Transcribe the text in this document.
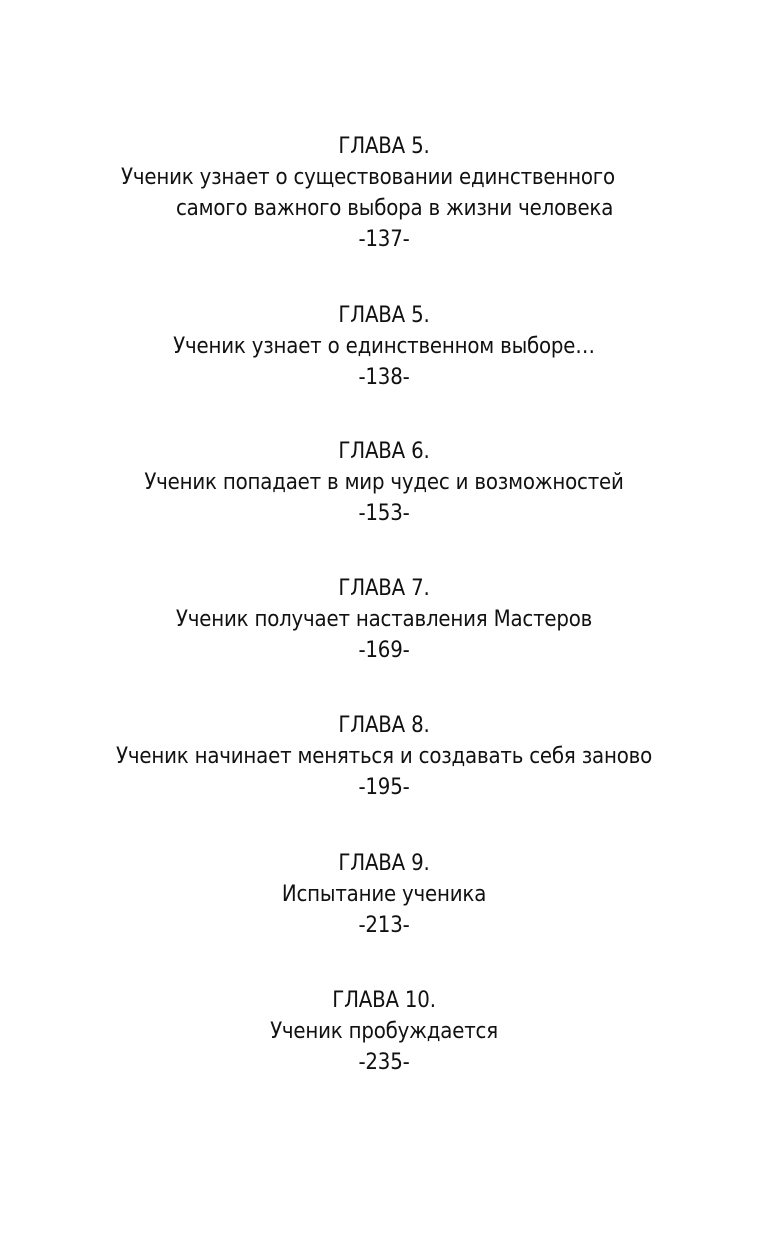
ГЛАВА 5.
Ученик узнает о существовании единственного
самого важного выбора в жизни человека
-137-
ГЛАВА 5.
Ученик узнает о единственном выборе…
-138-
ГЛАВА 6.
Ученик попадает в мир чудес и возможностей
-153-
ГЛАВА 7.
Ученик получает наставления Мастеров
-169-
ГЛАВА 8.
Ученик начинает меняться и создавать себя заново
-195-
ГЛАВА 9.
Испытание ученика
-213-
ГЛАВА 10.
Ученик пробуждается
-235-
